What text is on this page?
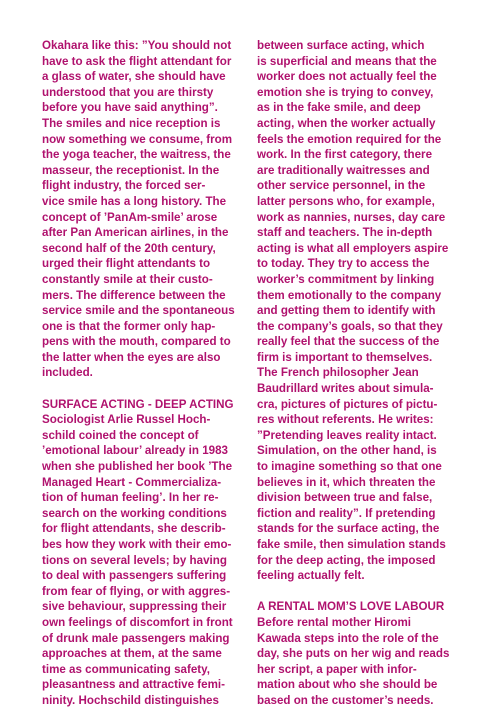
Okahara like this: ”You should not
have to ask the flight attendant for
a glass of water, she should have
understood that you are thirsty
before you have said anything”.
The smiles and nice reception is
now something we consume, from
the yoga teacher, the waitress, the
masseur, the receptionist. In the
flight industry, the forced ser-
vice smile has a long history. The
concept of ’PanAm-smile’ arose
after Pan American airlines, in the
second half of the 20th century,
urged their flight attendants to
constantly smile at their custo-
mers. The difference between the
service smile and the spontaneous
one is that the former only hap-
pens with the mouth, compared to
the latter when the eyes are also
included.
SURFACE ACTING - DEEP ACTING
Sociologist Arlie Russel Hoch-
schild coined the concept of
’emotional labour’ already in 1983
when she published her book ’The
Managed Heart - Commercializa-
tion of human feeling’. In her re-
search on the working conditions
for flight attendants, she describ-
bes how they work with their emo-
tions on several levels; by having
to deal with passengers suffering
from fear of flying, or with aggres-
sive behaviour, suppressing their
own feelings of discomfort in front
of drunk male passengers making
approaches at them, at the same
time as communicating safety,
pleasantness and attractive femi-
ninity. Hochschild distinguishes
between surface acting, which
is superficial and means that the
worker does not actually feel the
emotion she is trying to convey,
as in the fake smile, and deep
acting, when the worker actually
feels the emotion required for the
work. In the first category, there
are traditionally waitresses and
other service personnel, in the
latter persons who, for example,
work as nannies, nurses, day care
staff and teachers. The in-depth
acting is what all employers aspire
to today. They try to access the
worker’s commitment by linking
them emotionally to the company
and getting them to identify with
the company’s goals, so that they
really feel that the success of the
firm is important to themselves.
The French philosopher Jean
Baudrillard writes about simula-
cra, pictures of pictures of pictu-
res without referents. He writes:
”Pretending leaves reality intact.
Simulation, on the other hand, is
to imagine something so that one
believes in it, which threaten the
division between true and false,
fiction and reality”. If pretending
stands for the surface acting, the
fake smile, then simulation stands
for the deep acting, the imposed
feeling actually felt.
A RENTAL MOM’S LOVE LABOUR
Before rental mother Hiromi
Kawada steps into the role of the
day, she puts on her wig and reads
her script, a paper with infor-
mation about who she should be
based on the customer’s needs.
